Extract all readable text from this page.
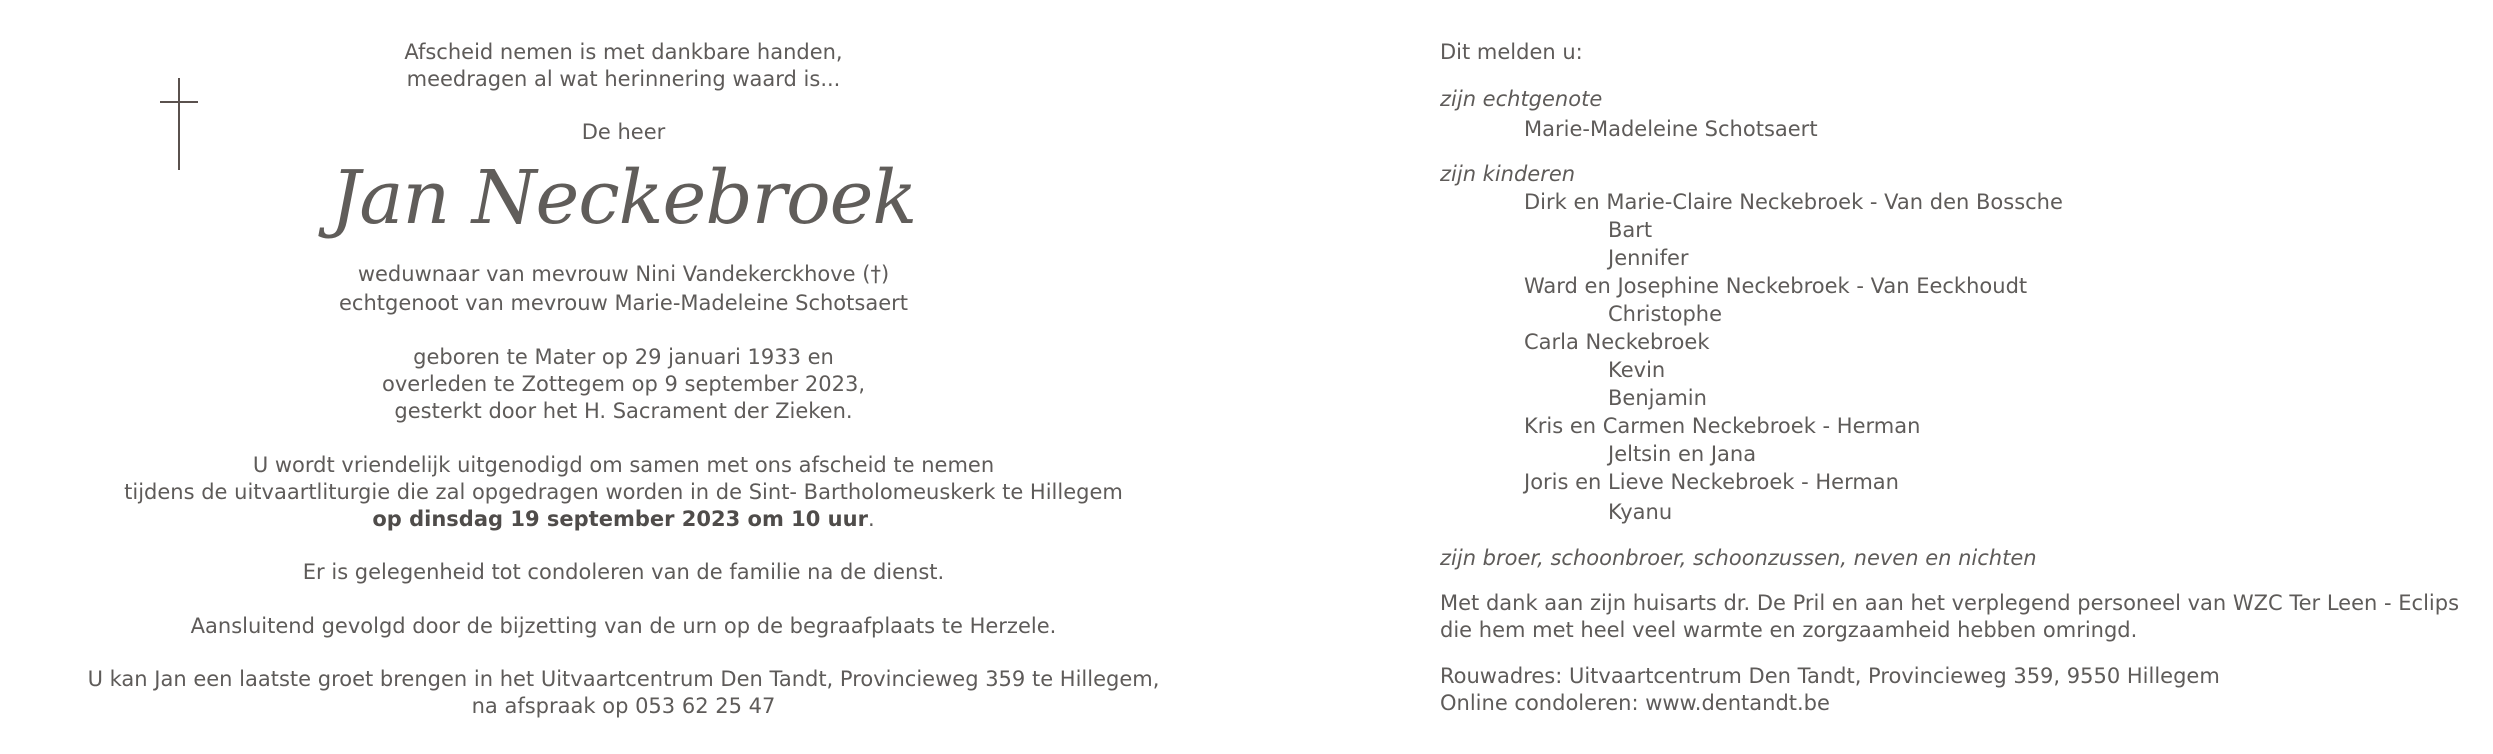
Afscheid nemen is met dankbare handen,
meedragen al wat herinnering waard is...
De heer
Jan Neckebroek
weduwnaar van mevrouw Nini Vandekerckhove (†)
echtgenoot van mevrouw Marie-Madeleine Schotsaert
geboren te Mater op 29 januari 1933 en
overleden te Zottegem op 9 september 2023,
gesterkt door het H. Sacrament der Zieken.
U wordt vriendelijk uitgenodigd om samen met ons afscheid te nemen
tijdens de uitvaartliturgie die zal opgedragen worden in de Sint- Bartholomeuskerk te Hillegem
op dinsdag 19 september 2023 om 10 uur.
Er is gelegenheid tot condoleren van de familie na de dienst.
Aansluitend gevolgd door de bijzetting van de urn op de begraafplaats te Herzele.
U kan Jan een laatste groet brengen in het Uitvaartcentrum Den Tandt, Provincieweg 359 te Hillegem,
na afspraak op 053 62 25 47
Dit melden u:
zijn echtgenote
Marie-Madeleine Schotsaert
zijn kinderen
Dirk en Marie-Claire Neckebroek - Van den Bossche
Bart
Jennifer
Ward en Josephine Neckebroek - Van Eeckhoudt
Christophe
Carla Neckebroek
Kevin
Benjamin
Kris en Carmen Neckebroek - Herman
Jeltsin en Jana
Joris en Lieve Neckebroek - Herman
Kyanu
zijn broer, schoonbroer, schoonzussen, neven en nichten
Met dank aan zijn huisarts dr. De Pril en aan het verplegend personeel van WZC Ter Leen - Eclips
die hem met heel veel warmte en zorgzaamheid hebben omringd.
Rouwadres: Uitvaartcentrum Den Tandt, Provincieweg 359, 9550 Hillegem
Online condoleren: www.dentandt.be
